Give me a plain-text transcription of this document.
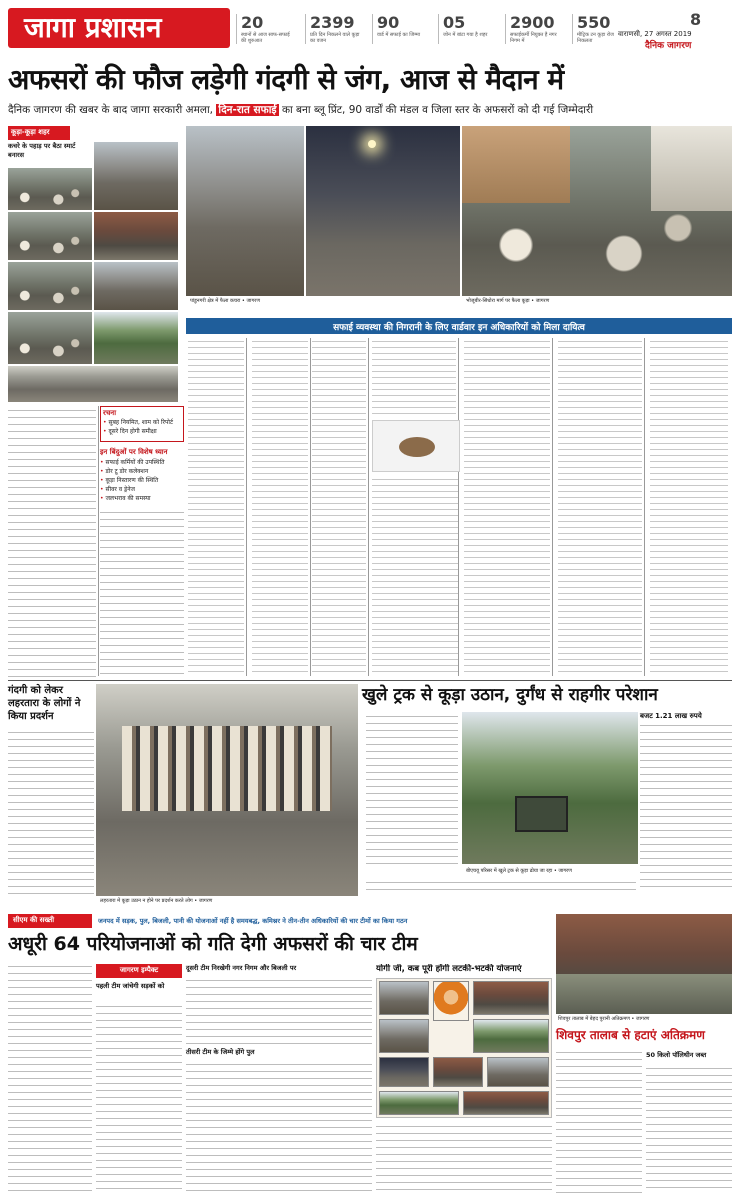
जागा प्रशासन	20
स्थानों से आज साफ-सफाई की शुरुआत
2399
प्रति दिन निकलने वाले कूड़ा का वजन
90
वार्ड में सफाई का जिम्मा
05
जोन में बांटा गया है शहर
2900
सफाईकर्मी नियुक्त है नगर निगम में
550
मीट्रिक टन कूड़ा रोज निकलता
8
वाराणसी, 27 अगस्त 2019
दैनिक जागरण
अफसरों की फौज लड़ेगी गंदगी से जंग, आज से मैदान में
दैनिक जागरण की खबर के बाद जागा सरकारी अमला, दिन-रात सफाई का बना ब्लू प्रिंट, 90 वार्डों की मंडल व जिला स्तर के अफसरों को दी गई जिम्मेदारी
कूड़ा-कूड़ा शहर
कचरे के पहाड़ पर बैठा स्मार्ट बनारस
रचना
• सुबह नियमित, शाम को रिपोर्ट
• दूसरे दिन होगी समीक्षा
इन बिंदुओं पर विशेष ध्यान
• सफाई कर्मियों की उपस्थिति
• डोर टू डोर कलेक्शन
• कूड़ा निस्तारण की स्थिति
• सीवर व ड्रेनेज
• जलभराव की समस्या
पांडुनगरी क्षेत्र में फैला कचरा • जागरण	भोजूबीर-सिंधोरा मार्ग पर फैला कूड़ा • जागरण
सफाई व्यवस्था की निगरानी के लिए वार्डवार इन अधिकारियों को मिला दायित्व
गंदगी को लेकर लहरतारा के लोगों ने किया प्रदर्शन
लहरतारा में कूड़ा उठान न होने पर प्रदर्शन करते लोग • जागरण
खुले ट्रक से कूड़ा उठान, दुर्गंध से राहगीर परेशान
बीएचयू परिसर में खुले ट्रक से कूड़ा ढोया जा रहा • जागरण
बजट 1.21 लाख रुपये
सीएम की सख्ती	जनपद में सड़क, पुल, बिजली, पानी की योजनाओं नहीं है समयबद्ध, कमिश्नर ने तीन-तीन अधिकारियों की चार टीमों का किया गठन
अधूरी 64 परियोजनाओं को गति देगी अफसरों की चार टीम
जागरण इम्पैक्ट
पहली टीम जांचेगी सड़कों को
दूसरी टीम निरखेगी नगर निगम और बिजली पर
तीसरी टीम के जिम्मे होंगे पुल
योगी जी, कब पूरी होंगी लटकी-भटकी योजनाएं
शिवपुर तालाब में बेहद पुरानी अतिक्रमण • जागरण
शिवपुर तालाब से हटाएं अतिक्रमण
50 किलो पॉलिथीन जब्त
